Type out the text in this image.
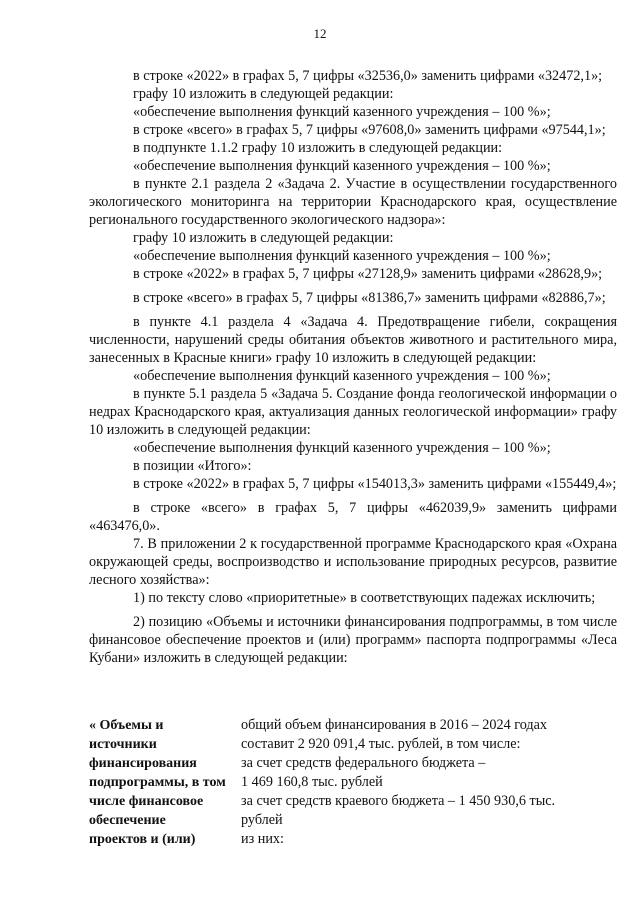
12

в строке «2022» в графах 5, 7 цифры «32536,0» заменить цифрами «32472,1»;

графу 10 изложить в следующей редакции:

«обеспечение выполнения функций казенного учреждения – 100 %»;

в строке «всего» в графах 5, 7 цифры «97608,0» заменить цифрами «97544,1»;

в подпункте 1.1.2 графу 10 изложить в следующей редакции:

«обеспечение выполнения функций казенного учреждения – 100 %»;

в пункте 2.1 раздела 2 «Задача 2. Участие в осуществлении государственного экологического мониторинга на территории Краснодарского края, осуществление регионального государственного экологического надзора»:

графу 10 изложить в следующей редакции:

«обеспечение выполнения функций казенного учреждения – 100 %»;

в строке «2022» в графах 5, 7 цифры «27128,9» заменить цифрами «28628,9»;

в строке «всего» в графах 5, 7 цифры «81386,7» заменить цифрами «82886,7»;

в пункте 4.1 раздела 4 «Задача 4. Предотвращение гибели, сокращения численности, нарушений среды обитания объектов животного и растительного мира, занесенных в Красные книги» графу 10 изложить в следующей редакции:

«обеспечение выполнения функций казенного учреждения – 100 %»;

в пункте 5.1 раздела 5 «Задача 5. Создание фонда геологической информации о недрах Краснодарского края, актуализация данных геологической информации» графу 10 изложить в следующей редакции:

«обеспечение выполнения функций казенного учреждения – 100 %»;

в позиции «Итого»:

в строке «2022» в графах 5, 7 цифры «154013,3» заменить цифрами «155449,4»;

в строке «всего» в графах 5, 7 цифры «462039,9» заменить цифрами «463476,0».

7. В приложении 2 к государственной программе Краснодарского края «Охрана окружающей среды, воспроизводство и использование природных ресурсов, развитие лесного хозяйства»:

1) по тексту слово «приоритетные» в соответствующих падежах исключить;

2) позицию «Объемы и источники финансирования подпрограммы, в том числе финансовое обеспечение проектов и (или) программ» паспорта подпрограммы «Леса Кубани» изложить в следующей редакции:

« Объемы и
источники
финансирования
подпрограммы, в том
числе финансовое
обеспечение
проектов и (или)
общий объем финансирования в 2016 – 2024 годах
составит 2 920 091,4 тыс. рублей, в том числе:
за счет средств федерального бюджета –
1 469 160,8 тыс. рублей
за счет средств краевого бюджета – 1 450 930,6 тыс.
рублей
из них:
